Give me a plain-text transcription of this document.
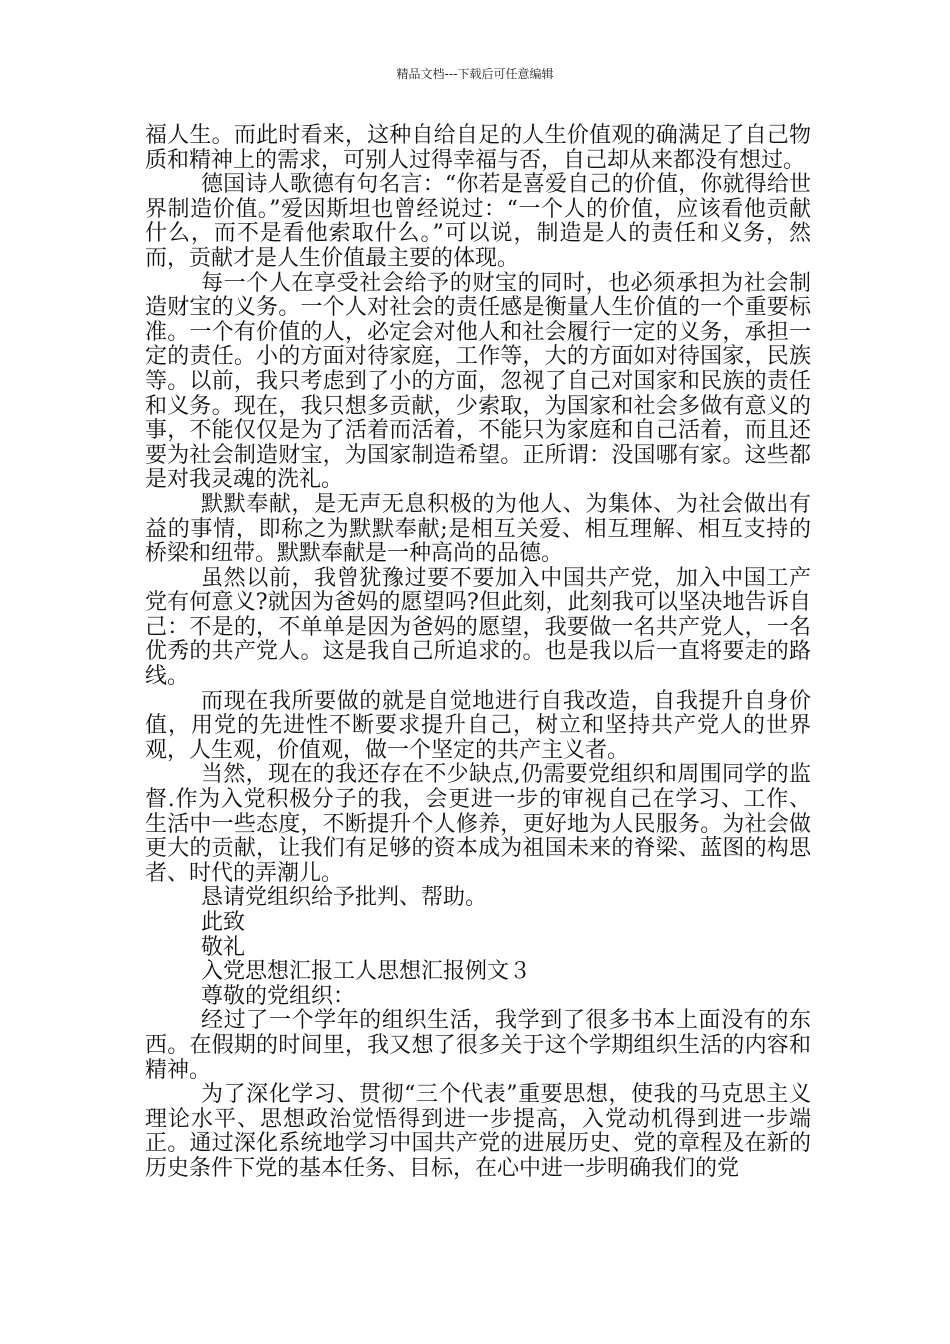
精品文档---下载后可任意编辑

福人生。而此时看来，这种自给自足的人生价值观的确满足了自己物质和精神上的需求，可别人过得幸福与否，自己却从来都没有想过。

德国诗人歌德有句名言：“你若是喜爱自己的价值，你就得给世界制造价值。”爱因斯坦也曾经说过：“一个人的价值，应该看他贡献什么，而不是看他索取什么。”可以说，制造是人的责任和义务，然而，贡献才是人生价值最主要的体现。

每一个人在享受社会给予的财宝的同时，也必须承担为社会制造财宝的义务。一个人对社会的责任感是衡量人生价值的一个重要标准。一个有价值的人，必定会对他人和社会履行一定的义务，承担一定的责任。小的方面对待家庭，工作等，大的方面如对待国家，民族等。以前，我只考虑到了小的方面，忽视了自己对国家和民族的责任和义务。现在，我只想多贡献，少索取，为国家和社会多做有意义的事，不能仅仅是为了活着而活着，不能只为家庭和自己活着，而且还要为社会制造财宝，为国家制造希望。正所谓：没国哪有家。这些都是对我灵魂的洗礼。

默默奉献，是无声无息积极的为他人、为集体、为社会做出有益的事情，即称之为默默奉献;是相互关爱、相互理解、相互支持的桥梁和纽带。默默奉献是一种高尚的品德。

虽然以前，我曾犹豫过要不要加入中国共产党，加入中国工产党有何意义?就因为爸妈的愿望吗?但此刻，此刻我可以坚决地告诉自己：不是的，不单单是因为爸妈的愿望，我要做一名共产党人，一名优秀的共产党人。这是我自己所追求的。也是我以后一直将要走的路线。

而现在我所要做的就是自觉地进行自我改造，自我提升自身价值，用党的先进性不断要求提升自己，树立和坚持共产党人的世界观，人生观，价值观，做一个坚定的共产主义者。

当然，现在的我还存在不少缺点,仍需要党组织和周围同学的监督.作为入党积极分子的我，会更进一步的审视自己在学习、工作、生活中一些态度，不断提升个人修养，更好地为人民服务。为社会做更大的贡献，让我们有足够的资本成为祖国未来的脊梁、蓝图的构思者、时代的弄潮儿。

恳请党组织给予批判、帮助。

此致

敬礼

入党思想汇报工人思想汇报例文３

尊敬的党组织：

经过了一个学年的组织生活，我学到了很多书本上面没有的东西。在假期的时间里，我又想了很多关于这个学期组织生活的内容和精神。

为了深化学习、贯彻“三个代表”重要思想，使我的马克思主义理论水平、思想政治觉悟得到进一步提高，入党动机得到进一步端正。通过深化系统地学习中国共产党的进展历史、党的章程及在新的历史条件下党的基本任务、目标，在心中进一步明确我们的党
